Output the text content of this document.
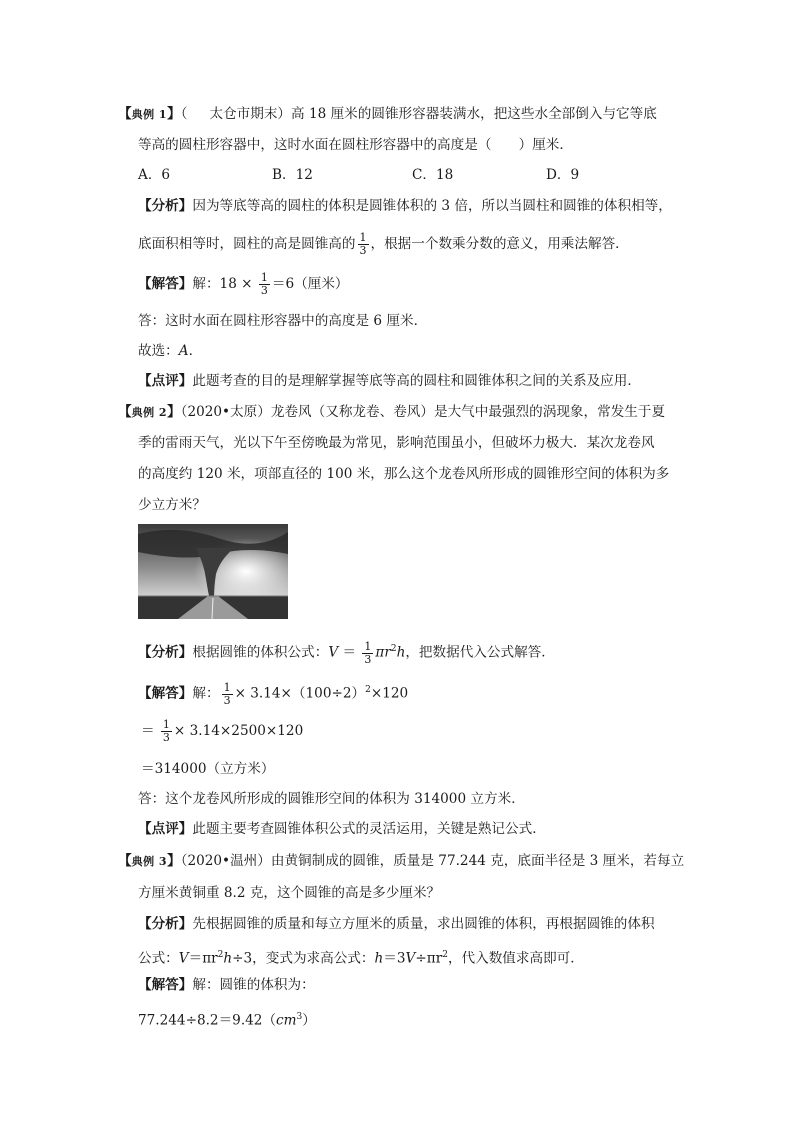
【典例 1】（ 太仓市期末）高 18 厘米的圆锥形容器装满水，把这些水全部倒入与它等底
等高的圆柱形容器中，这时水面在圆柱形容器中的高度是（　　）厘米．
A．6	B．12	C．18	D．9
【分析】因为等底等高的圆柱的体积是圆锥体积的 3 倍，所以当圆柱和圆锥的体积相等，
底面积相等时，圆柱的高是圆锥高的 $\frac{1}{3}$ ，根据一个数乘分数的意义，用乘法解答．
【解答】解：$18 \times \frac{1}{3} =6$（厘米）
答：这时水面在圆柱形容器中的高度是 6 厘米．
故选：A．
【点评】此题考查的目的是理解掌握等底等高的圆柱和圆锥体积之间的关系及应用．
【典例 2】（2020•太原）龙卷风（又称龙卷、卷风）是大气中最强烈的涡现象，常发生于夏
季的雷雨天气，光以下午至傍晚最为常见，影响范围虽小，但破坏力极大．某次龙卷风
的高度约 120 米，项部直径的 100 米，那么这个龙卷风所形成的圆锥形空间的体积为多
少立方米？
【分析】根据圆锥的体积公式：$V = \frac{1}{3} \pi r^2h$，把数据代入公式解答．
【解答】解： $\frac{1}{3} \times 3.14\times(100\div 2)^2\times 120$
＝ $\frac{1}{3} \times 3.14\times 2500\times 120$
＝314000（立方米）
答：这个龙卷风所形成的圆锥形空间的体积为 314000 立方米．
【点评】此题主要考查圆锥体积公式的灵活运用，关键是熟记公式．
【典例 3】（2020•温州）由黄铜制成的圆锥，质量是 77.244 克，底面半径是 3 厘米，若每立
方厘米黄铜重 8.2 克，这个圆锥的高是多少厘米？
【分析】先根据圆锥的质量和每立方厘米的质量，求出圆锥的体积，再根据圆锥的体积
公式：$V=\pi r^2h\div 3$，变式为求高公式：$h=3V\div\pi r^2$，代入数值求高即可．
【解答】解：圆锥的体积为：
$77.244\div 8.2=9.42(cm^3)$
